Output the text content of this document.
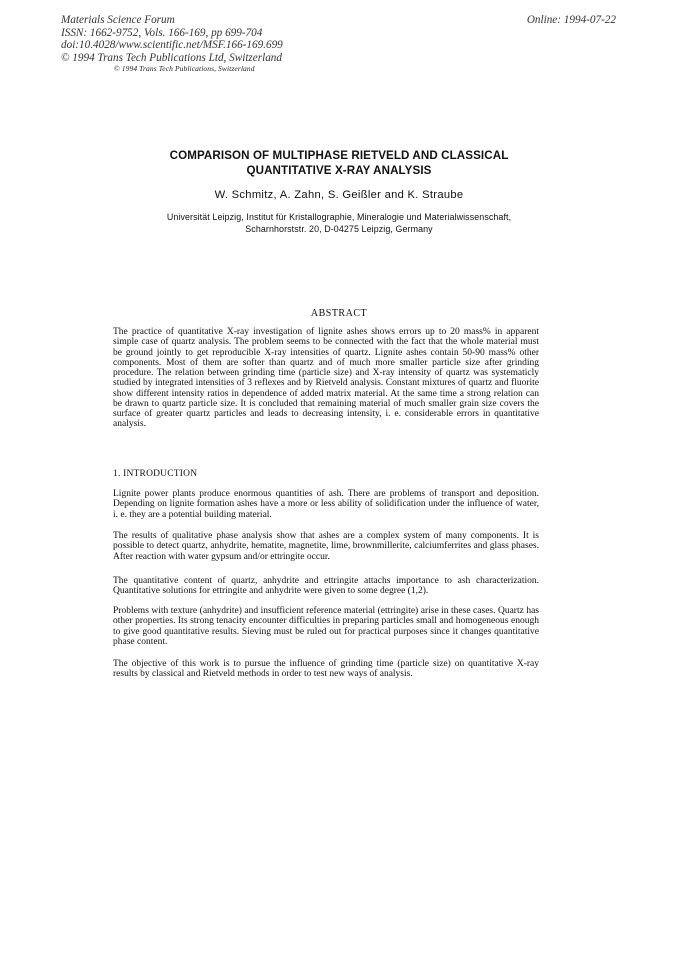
Materials Science Forum
ISSN: 1662-9752, Vols. 166-169, pp 699-704
doi:10.4028/www.scientific.net/MSF.166-169.699
© 1994 Trans Tech Publications Ltd, Switzerland
Online: 1994-07-22
© 1994 Trans Tech Publications, Switzerland
COMPARISON OF MULTIPHASE RIETVELD AND CLASSICAL
QUANTITATIVE X-RAY ANALYSIS
W. Schmitz, A. Zahn, S. Geißler and K. Straube
Universität Leipzig, Institut für Kristallographie, Mineralogie und Materialwissenschaft,
Scharnhorststr. 20, D-04275 Leipzig, Germany
ABSTRACT
The practice of quantitative X-ray investigation of lignite ashes shows errors up to 20 mass% in apparent simple case of quartz analysis. The problem seems to be connected with the fact that the whole material must be ground jointly to get reproducible X-ray intensities of quartz. Lignite ashes contain 50-90 mass% other components. Most of them are softer than quartz and of much more smaller particle size after grinding procedure. The relation between grinding time (particle size) and X-ray intensity of quartz was systematicly studied by integrated intensities of 3 reflexes and by Rietveld analysis. Constant mixtures of quartz and fluorite show different intensity ratios in dependence of added matrix material. At the same time a strong relation can be drawn to quartz particle size. It is concluded that remaining material of much smaller grain size covers the surface of greater quartz particles and leads to decreasing intensity, i. e. considerable errors in quantitative analysis.
1. INTRODUCTION
Lignite power plants produce enormous quantities of ash. There are problems of transport and deposition. Depending on lignite formation ashes have a more or less ability of solidification under the influence of water, i. e. they are a potential building material.
The results of qualitative phase analysis show that ashes are a complex system of many components. It is possible to detect quartz, anhydrite, hematite, magnetite, lime, brownmillerite, calciumferrites and glass phases. After reaction with water gypsum and/or ettringite occur.
The quantitative content of quartz, anhydrite and ettringite attachs importance to ash characterization. Quantitative solutions for ettringite and anhydrite were given to some degree (1,2).
Problems with texture (anhydrite) and insufficient reference material (ettringite) arise in these cases. Quartz has other properties. Its strong tenacity encounter difficulties in preparing particles small and homogeneous enough to give good quantitative results. Sieving must be ruled out for practical purposes since it changes quantitative phase content.
The objective of this work is to pursue the influence of grinding time (particle size) on quantitative X-ray results by classical and Rietveld methods in order to test new ways of analysis.
